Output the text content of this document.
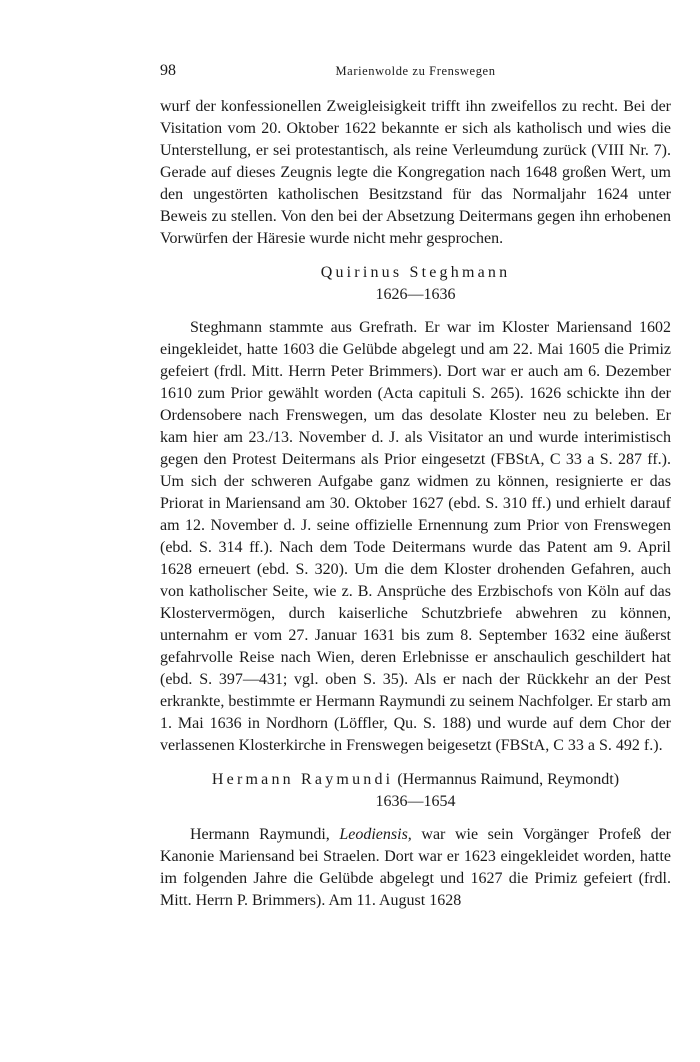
98	Marienwolde zu Frenswegen

wurf der konfessionellen Zweigleisigkeit trifft ihn zweifellos zu recht. Bei der Visitation vom 20. Oktober 1622 bekannte er sich als katholisch und wies die Unterstellung, er sei protestantisch, als reine Verleumdung zurück (VIII Nr. 7). Gerade auf dieses Zeugnis legte die Kongregation nach 1648 großen Wert, um den ungestörten katholischen Besitzstand für das Normaljahr 1624 unter Beweis zu stellen. Von den bei der Absetzung Deitermans gegen ihn erhobenen Vorwürfen der Häresie wurde nicht mehr gesprochen.

Quirinus Steghmann

1626—1636

Steghmann stammte aus Grefrath. Er war im Kloster Mariensand 1602 eingekleidet, hatte 1603 die Gelübde abgelegt und am 22. Mai 1605 die Primiz gefeiert (frdl. Mitt. Herrn Peter Brimmers). Dort war er auch am 6. Dezember 1610 zum Prior gewählt worden (Acta capituli S. 265). 1626 schickte ihn der Ordensobere nach Frenswegen, um das desolate Kloster neu zu beleben. Er kam hier am 23./13. November d. J. als Visitator an und wurde interimistisch gegen den Protest Deitermans als Prior eingesetzt (FBStA, C 33 a S. 287 ff.). Um sich der schweren Aufgabe ganz widmen zu können, resignierte er das Priorat in Mariensand am 30. Oktober 1627 (ebd. S. 310 ff.) und erhielt darauf am 12. November d. J. seine offizielle Ernennung zum Prior von Frenswegen (ebd. S. 314 ff.). Nach dem Tode Deitermans wurde das Patent am 9. April 1628 erneuert (ebd. S. 320). Um die dem Kloster drohenden Gefahren, auch von katholischer Seite, wie z. B. Ansprüche des Erzbischofs von Köln auf das Klostervermögen, durch kaiserliche Schutzbriefe abwehren zu können, unternahm er vom 27. Januar 1631 bis zum 8. September 1632 eine äußerst gefahrvolle Reise nach Wien, deren Erlebnisse er anschaulich geschildert hat (ebd. S. 397—431; vgl. oben S. 35). Als er nach der Rückkehr an der Pest erkrankte, bestimmte er Hermann Raymundi zu seinem Nachfolger. Er starb am 1. Mai 1636 in Nordhorn (Löffler, Qu. S. 188) und wurde auf dem Chor der verlassenen Klosterkirche in Frenswegen beigesetzt (FBStA, C 33 a S. 492 f.).

Hermann Raymundi (Hermannus Raimund, Reymondt)

1636—1654

Hermann Raymundi, Leodiensis, war wie sein Vorgänger Profeß der Kanonie Mariensand bei Straelen. Dort war er 1623 eingekleidet worden, hatte im folgenden Jahre die Gelübde abgelegt und 1627 die Primiz gefeiert (frdl. Mitt. Herrn P. Brimmers). Am 11. August 1628
